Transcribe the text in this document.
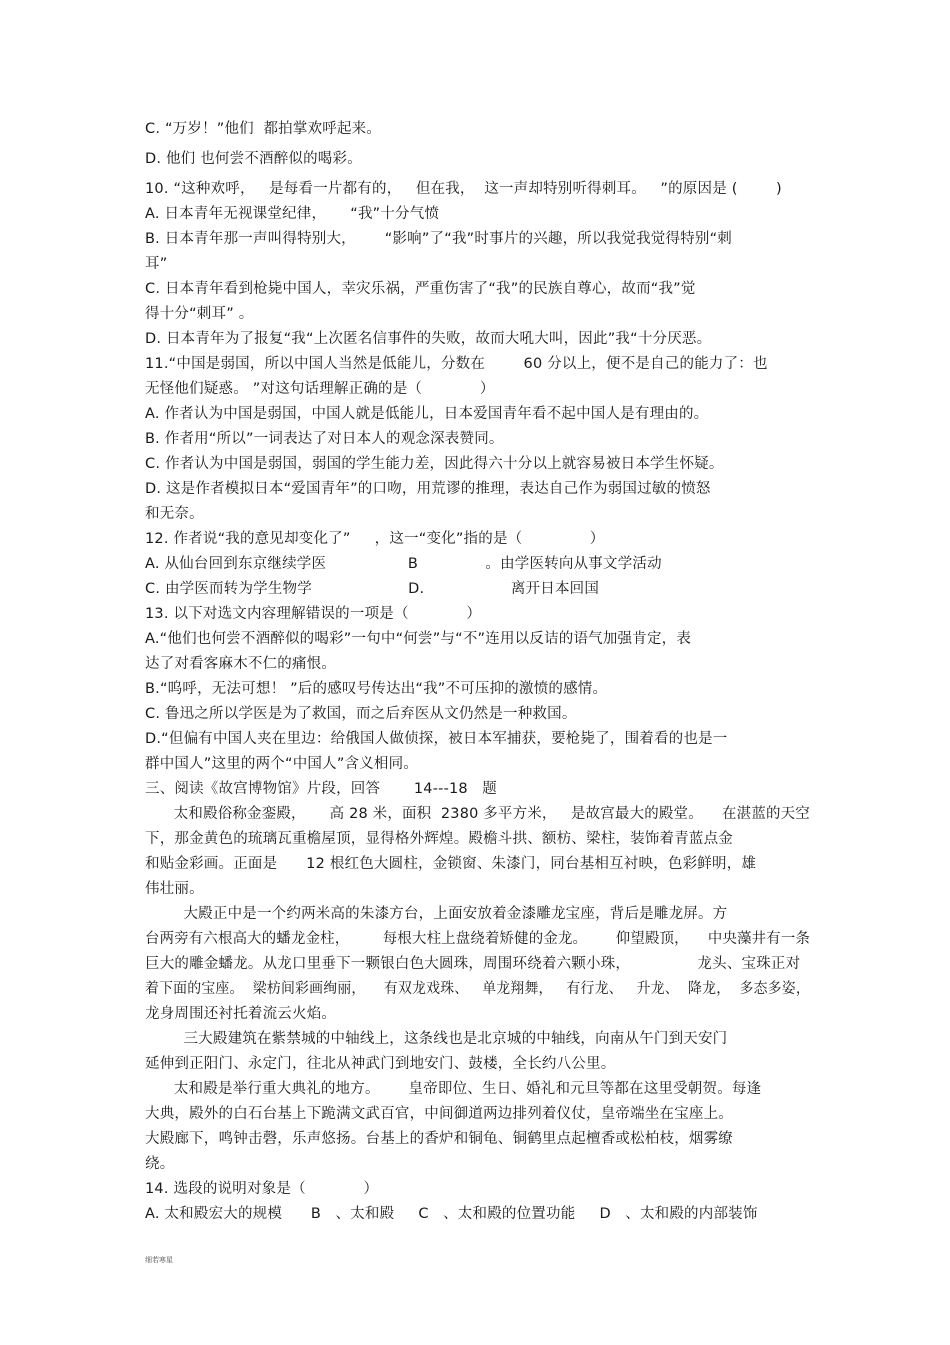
C. “万岁！”他们  都拍掌欢呼起来。
D. 他们 也何尝不酒醉似的喝彩。
10. “这种欢呼，   是每看一片都有的，   但在我，  这一声却特别听得刺耳。   ”的原因是 (        )
A. 日本青年无视课堂纪律，     “我”十分气愤
B. 日本青年那一声叫得特别大，      “影响”了“我”时事片的兴趣，所以我觉我觉得特别“刺
耳”
C. 日本青年看到枪毙中国人，幸灾乐祸，严重伤害了“我”的民族自尊心，故而“我”觉
得十分“刺耳” 。
D. 日本青年为了报复“我“上次匿名信事件的失败，故而大吼大叫，因此”我“十分厌恶。
11.“中国是弱国，所以中国人当然是低能儿，分数在        60 分以上，便不是自己的能力了：也
无怪他们疑惑。 ”对这句话理解正确的是（            ）
A. 作者认为中国是弱国，中国人就是低能儿，日本爱国青年看不起中国人是有理由的。
B. 作者用“所以”一词表达了对日本人的观念深表赞同。
C. 作者认为中国是弱国，弱国的学生能力差，因此得六十分以上就容易被日本学生怀疑。
D. 这是作者模拟日本“爱国青年”的口吻，用荒谬的推理，表达自己作为弱国过敏的愤怒
和无奈。
12. 作者说“我的意见却变化了”     ，这一“变化”指的是（              ）
A. 从仙台回到东京继续学医                 B              。由学医转向从事文学活动
C. 由学医而转为学生物学                    D.                  离开日本回国
13. 以下对选文内容理解错误的一项是（            ）
A.“他们也何尝不酒醉似的喝彩”一句中“何尝”与“不”连用以反诘的语气加强肯定，表
达了对看客麻木不仁的痛恨。
B.“呜呼，无法可想！ ”后的感叹号传达出“我”不可压抑的激愤的感情。
C. 鲁迅之所以学医是为了救国，而之后弃医从文仍然是一种救国。
D.“但偏有中国人夹在里边：给俄国人做侦探，被日本军捕获，要枪毙了，围着看的也是一
群中国人”这里的两个“中国人”含义相同。
三、阅读《故宫博物馆》片段，回答       14---18   题
太和殿俗称金銮殿，     高 28 米，面积  2380 多平方米，   是故宫最大的殿堂。    在湛蓝的天空
下，那金黄色的琉璃瓦重檐屋顶，显得格外辉煌。殿檐斗拱、额枋、梁柱，装饰着青蓝点金
和贴金彩画。正面是      12 根红色大圆柱，金锁窗、朱漆门，同台基相互衬映，色彩鲜明，雄
伟壮丽。
大殿正中是一个约两米高的朱漆方台，上面安放着金漆雕龙宝座，背后是雕龙屏。方
台两旁有六根高大的蟠龙金柱，       每根大柱上盘绕着矫健的金龙。      仰望殿顶，    中央藻井有一条
巨大的雕金蟠龙。从龙口里垂下一颗银白色大圆珠，周围环绕着六颗小珠，              龙头、宝珠正对
着下面的宝座。  梁枋间彩画绚丽，    有双龙戏珠、   单龙翔舞，   有行龙、   升龙、  降龙，  多态多姿，
龙身周围还衬托着流云火焰。
三大殿建筑在紫禁城的中轴线上，这条线也是北京城的中轴线，向南从午门到天安门
延伸到正阳门、永定门，往北从神武门到地安门、鼓楼，全长约八公里。
太和殿是举行重大典礼的地方。      皇帝即位、生日、婚礼和元旦等都在这里受朝贺。每逢
大典，殿外的白石台基上下跪满文武百官，中间御道两边排列着仪仗，皇帝端坐在宝座上。
大殿廊下，鸣钟击磬，乐声悠扬。台基上的香炉和铜龟、铜鹤里点起檀香或松柏枝，烟雾缭
绕。
14. 选段的说明对象是（            ）
A. 太和殿宏大的规模      B   、太和殿     C   、太和殿的位置功能     D   、太和殿的内部装饰
细若寒星
